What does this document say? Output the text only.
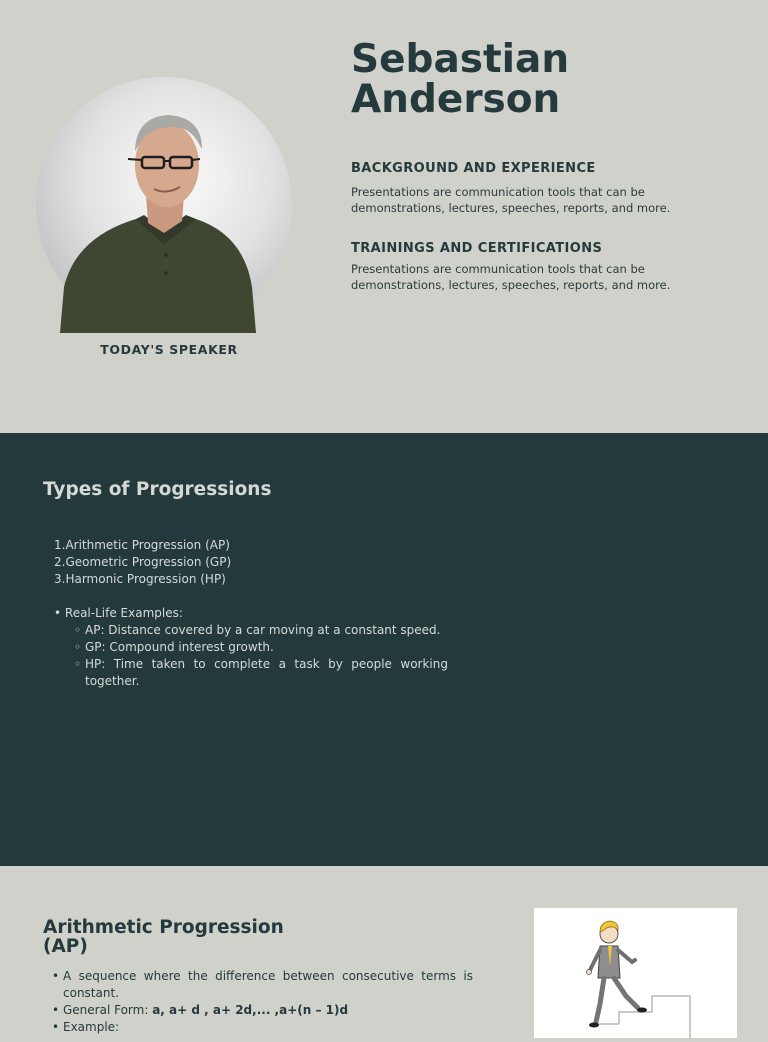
TODAY'S SPEAKER
Sebastian
Anderson
BACKGROUND AND EXPERIENCE

Presentations are communication tools that can be demonstrations, lectures, speeches, reports, and more.

TRAININGS AND CERTIFICATIONS

Presentations are communication tools that can be demonstrations, lectures, speeches, reports, and more.

Types of Progressions
1.Arithmetic Progression (AP)
2.Geometric Progression (GP)
3.Harmonic Progression (HP)
• Real-Life Examples:
◦ AP: Distance covered by a car moving at a constant speed.
◦ GP: Compound interest growth.
◦ HP: Time taken to complete a task by people working together.
Arithmetic Progression (AP)
• A sequence where the difference between consecutive terms is constant.
• General Form: a, a+ d , a+ 2d,... ,a+(n – 1)d
• Example:
